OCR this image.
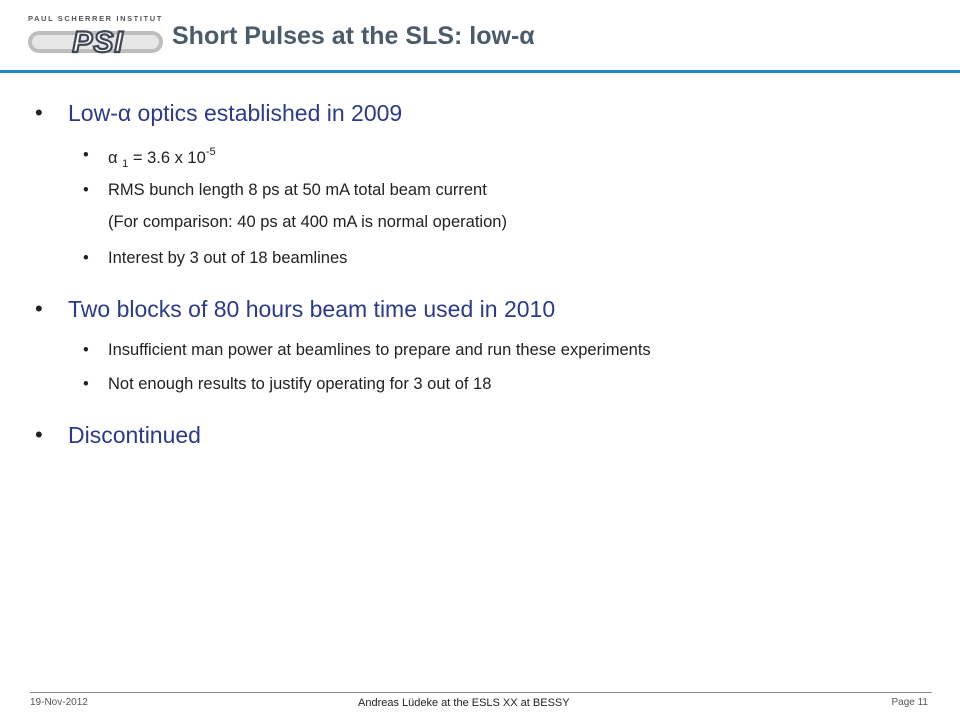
PAUL SCHERRER INSTITUT
PSI Short Pulses at the SLS: low-α
• Low-α optics established in 2009
• α $_1$ = 3.6 x $10^{-5}$
• RMS bunch length 8 ps at 50 mA total beam current
(For comparison: 40 ps at 400 mA is normal operation)
• Interest by 3 out of 18 beamlines
• Two blocks of 80 hours beam time used in 2010
• Insufficient man power at beamlines to prepare and run these experiments
• Not enough results to justify operating for 3 out of 18
• Discontinued
19-Nov-2012	Andreas Lüdeke at the ESLS XX at BESSY	Page 11
